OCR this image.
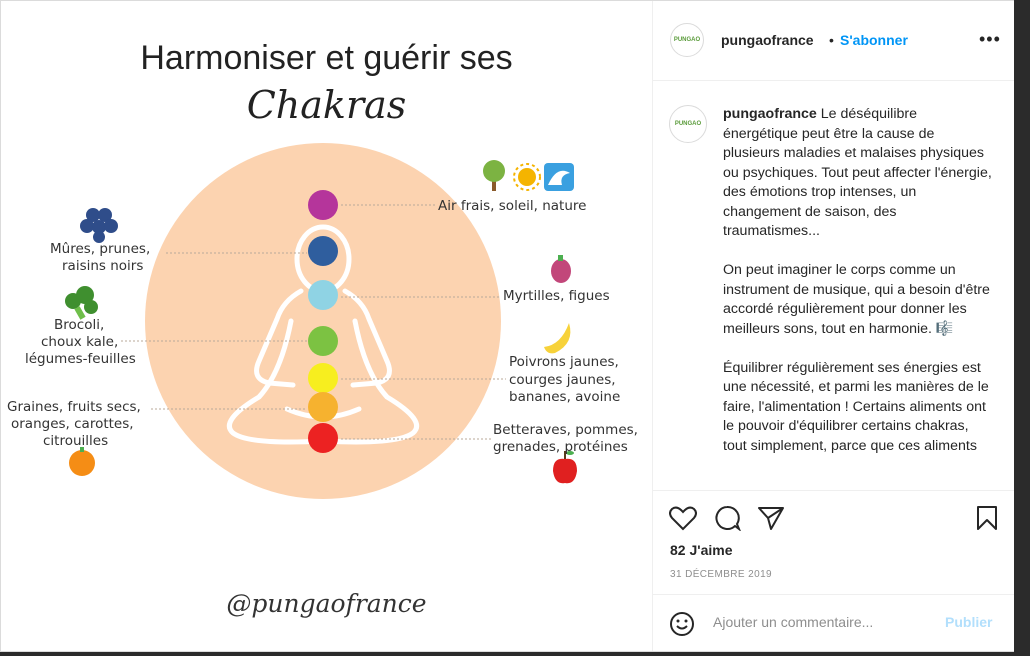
Harmoniser et guérir ses
Chakras
Air frais, soleil, nature
Mûres, prunes,
raisins noirs
Myrtilles, figues
Brocoli,
choux kale,
légumes-feuilles	Poivrons jaunes,
courges jaunes,
bananes, avoine
Graines, fruits secs,
oranges, carottes,
citrouilles
Betteraves, pommes,
grenades, protéines
@pungaofrance
PUNGAO pungaofrance • S'abonner	•••
PUNGAO

pungaofrance Le déséquilibre énergétique peut être la cause de plusieurs maladies et malaises physiques ou psychiques. Tout peut affecter l'énergie, des émotions trop intenses, un changement de saison, des traumatismes...

On peut imaginer le corps comme un instrument de musique, qui a besoin d'être accordé régulièrement pour donner les meilleurs sons, tout en harmonie. 🎼

Équilibrer régulièrement ses énergies est une nécessité, et parmi les manières de le faire, l'alimentation ! Certains aliments ont le pouvoir d'équilibrer certains chakras, tout simplement, parce que ces aliments

82 J'aime
31 DÉCEMBRE 2019
Ajouter un commentaire...	Publier
